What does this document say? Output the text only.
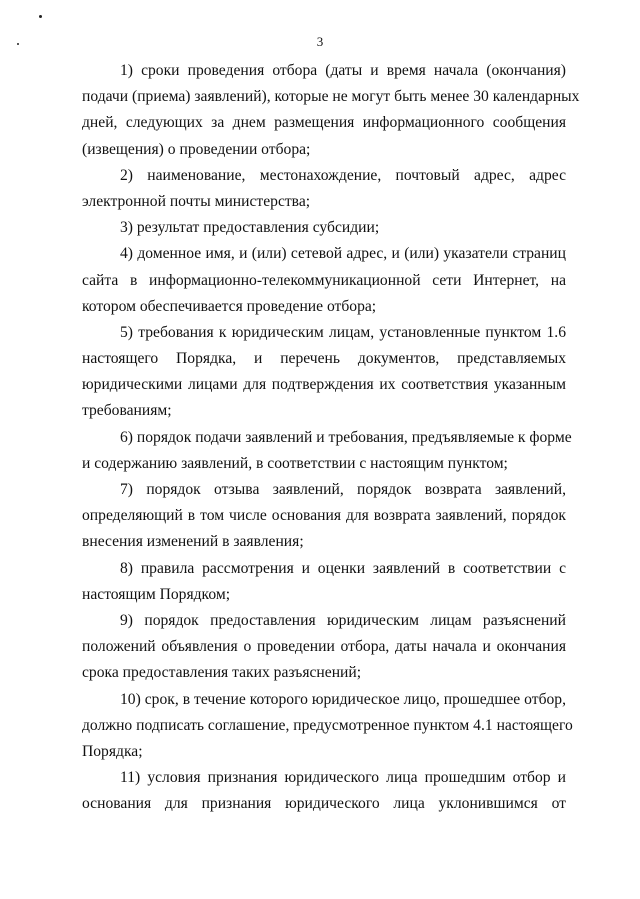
3
1) сроки проведения отбора (даты и время начала (окончания)
подачи (приема) заявлений), которые не могут быть менее 30 календарных
дней, следующих за днем размещения информационного сообщения
(извещения) о проведении отбора;
2) наименование, местонахождение, почтовый адрес, адрес
электронной почты министерства;
3) результат предоставления субсидии;
4) доменное имя, и (или) сетевой адрес, и (или) указатели страниц
сайта в информационно-телекоммуникационной сети Интернет, на
котором обеспечивается проведение отбора;
5) требования к юридическим лицам, установленные пунктом 1.6
настоящего Порядка, и перечень документов, представляемых
юридическими лицами для подтверждения их соответствия указанным
требованиям;
6) порядок подачи заявлений и требования, предъявляемые к форме
и содержанию заявлений, в соответствии с настоящим пунктом;
7) порядок отзыва заявлений, порядок возврата заявлений,
определяющий в том числе основания для возврата заявлений, порядок
внесения изменений в заявления;
8) правила рассмотрения и оценки заявлений в соответствии с
настоящим Порядком;
9) порядок предоставления юридическим лицам разъяснений
положений объявления о проведении отбора, даты начала и окончания
срока предоставления таких разъяснений;
10) срок, в течение которого юридическое лицо, прошедшее отбор,
должно подписать соглашение, предусмотренное пунктом 4.1 настоящего
Порядка;
11) условия признания юридического лица прошедшим отбор и
основания для признания юридического лица уклонившимся от
